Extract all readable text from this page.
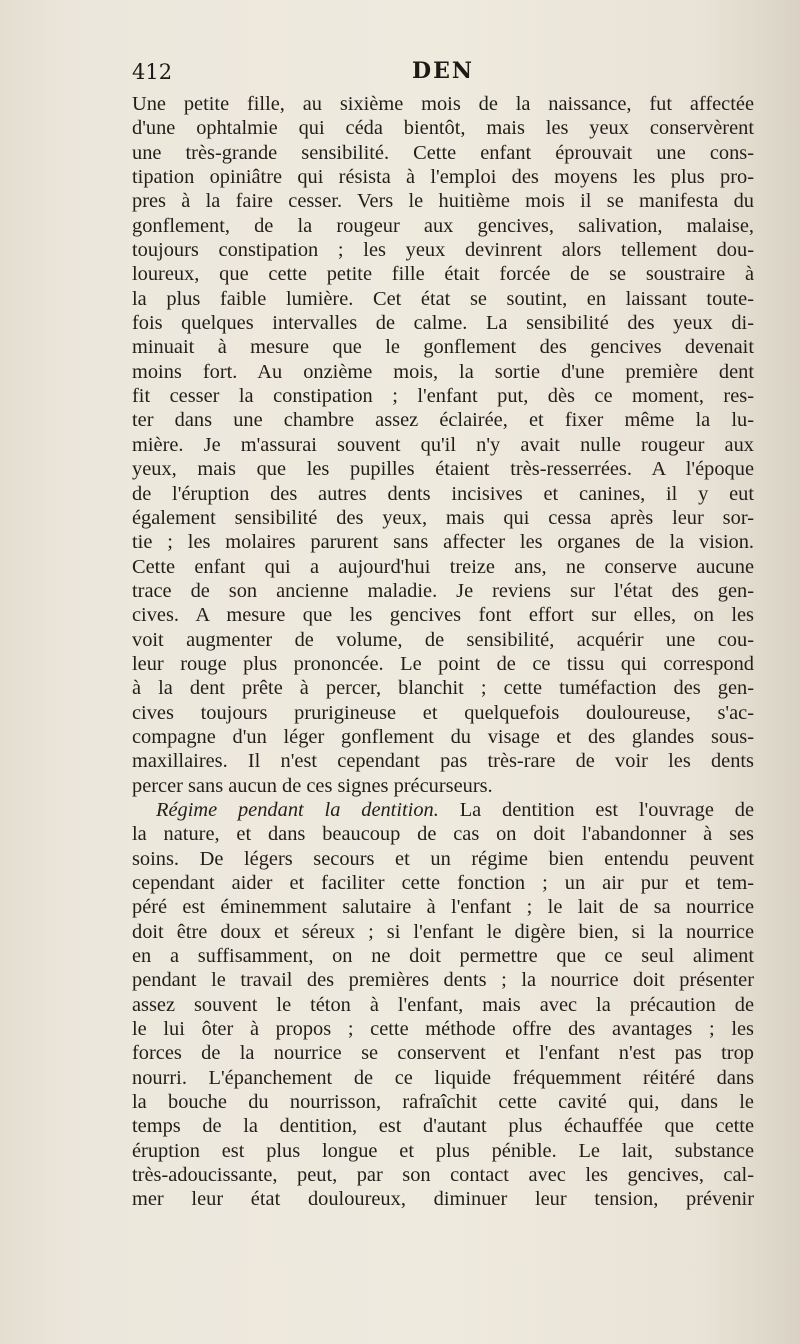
412	DEN
Une petite fille, au sixième mois de la naissance, fut affectée
d'une ophtalmie qui céda bientôt, mais les yeux conservèrent
une très-grande sensibilité. Cette enfant éprouvait une cons-
tipation opiniâtre qui résista à l'emploi des moyens les plus pro-
pres à la faire cesser. Vers le huitième mois il se manifesta du
gonflement, de la rougeur aux gencives, salivation, malaise,
toujours constipation ; les yeux devinrent alors tellement dou-
loureux, que cette petite fille était forcée de se soustraire à
la plus faible lumière. Cet état se soutint, en laissant toute-
fois quelques intervalles de calme. La sensibilité des yeux di-
minuait à mesure que le gonflement des gencives devenait
moins fort. Au onzième mois, la sortie d'une première dent
fit cesser la constipation ; l'enfant put, dès ce moment, res-
ter dans une chambre assez éclairée, et fixer même la lu-
mière. Je m'assurai souvent qu'il n'y avait nulle rougeur aux
yeux, mais que les pupilles étaient très-resserrées. A l'époque
de l'éruption des autres dents incisives et canines, il y eut
également sensibilité des yeux, mais qui cessa après leur sor-
tie ; les molaires parurent sans affecter les organes de la vision.
Cette enfant qui a aujourd'hui treize ans, ne conserve aucune
trace de son ancienne maladie. Je reviens sur l'état des gen-
cives. A mesure que les gencives font effort sur elles, on les
voit augmenter de volume, de sensibilité, acquérir une cou-
leur rouge plus prononcée. Le point de ce tissu qui correspond
à la dent prête à percer, blanchit ; cette tuméfaction des gen-
cives toujours prurigineuse et quelquefois douloureuse, s'ac-
compagne d'un léger gonflement du visage et des glandes sous-
maxillaires. Il n'est cependant pas très-rare de voir les dents
percer sans aucun de ces signes précurseurs.
Régime pendant la dentition. La dentition est l'ouvrage de
la nature, et dans beaucoup de cas on doit l'abandonner à ses
soins. De légers secours et un régime bien entendu peuvent
cependant aider et faciliter cette fonction ; un air pur et tem-
péré est éminemment salutaire à l'enfant ; le lait de sa nourrice
doit être doux et séreux ; si l'enfant le digère bien, si la nourrice
en a suffisamment, on ne doit permettre que ce seul aliment
pendant le travail des premières dents ; la nourrice doit présenter
assez souvent le téton à l'enfant, mais avec la précaution de
le lui ôter à propos ; cette méthode offre des avantages ; les
forces de la nourrice se conservent et l'enfant n'est pas trop
nourri. L'épanchement de ce liquide fréquemment réitéré dans
la bouche du nourrisson, rafraîchit cette cavité qui, dans le
temps de la dentition, est d'autant plus échauffée que cette
éruption est plus longue et plus pénible. Le lait, substance
très-adoucissante, peut, par son contact avec les gencives, cal-
mer leur état douloureux, diminuer leur tension, prévenir
